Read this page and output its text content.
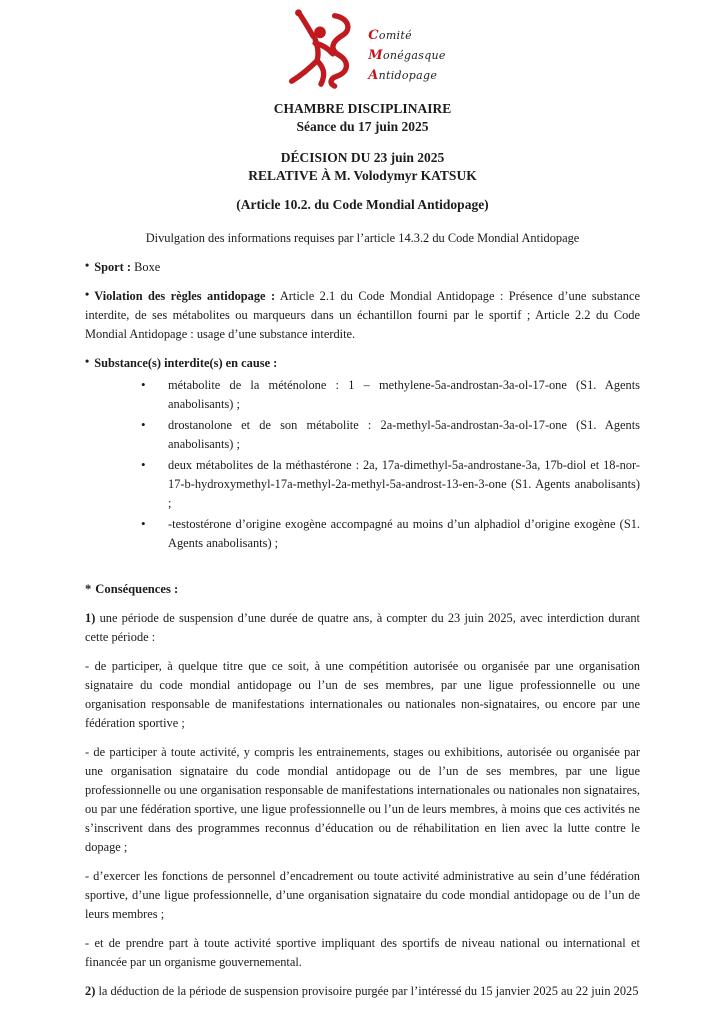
Comité
Monégasque
Antidopage
CHAMBRE DISCIPLINAIRE
Séance du 17 juin 2025
DÉCISION DU 23 juin 2025
RELATIVE À M. Volodymyr KATSUK
(Article 10.2. du Code Mondial Antidopage)
Divulgation des informations requises par l’article 14.3.2 du Code Mondial Antidopage
• Sport : Boxe
• Violation des règles antidopage : Article 2.1 du Code Mondial Antidopage : Présence d’une substance interdite, de ses métabolites ou marqueurs dans un échantillon fourni par le sportif ; Article 2.2 du Code Mondial Antidopage : usage d’une substance interdite.
• Substance(s) interdite(s) en cause :
• métabolite de la méténolone : 1 – methylene-5a-androstan-3a-ol-17-one (S1. Agents anabolisants) ;
• drostanolone et de son métabolite : 2a-methyl-5a-androstan-3a-ol-17-one (S1. Agents anabolisants) ;
• deux métabolites de la méthastérone : 2a, 17a-dimethyl-5a-androstane-3a, 17b-diol et 18-nor-17-b-hydroxymethyl-17a-methyl-2a-methyl-5a-androst-13-en-3-one (S1. Agents anabolisants) ;
• -testostérone d’origine exogène accompagné au moins d’un alphadiol d’origine exogène (S1. Agents anabolisants) ;
* Conséquences :
1) une période de suspension d’une durée de quatre ans, à compter du 23 juin 2025, avec interdiction durant cette période :
- de participer, à quelque titre que ce soit, à une compétition autorisée ou organisée par une organisation signataire du code mondial antidopage ou l’un de ses membres, par une ligue professionnelle ou une organisation responsable de manifestations internationales ou nationales non-signataires, ou encore par une fédération sportive ;
- de participer à toute activité, y compris les entrainements, stages ou exhibitions, autorisée ou organisée par une organisation signataire du code mondial antidopage ou de l’un de ses membres, par une ligue professionnelle ou une organisation responsable de manifestations internationales ou nationales non signataires, ou par une fédération sportive, une ligue professionnelle ou l’un de leurs membres, à moins que ces activités ne s’inscrivent dans des programmes reconnus d’éducation ou de réhabilitation en lien avec la lutte contre le dopage ;
- d’exercer les fonctions de personnel d’encadrement ou toute activité administrative au sein d’une fédération sportive, d’une ligue professionnelle, d’une organisation signataire du code mondial antidopage ou de l’un de leurs membres ;
- et de prendre part à toute activité sportive impliquant des sportifs de niveau national ou international et financée par un organisme gouvernemental.
2) la déduction de la période de suspension provisoire purgée par l’intéressé du 15 janvier 2025 au 22 juin 2025
